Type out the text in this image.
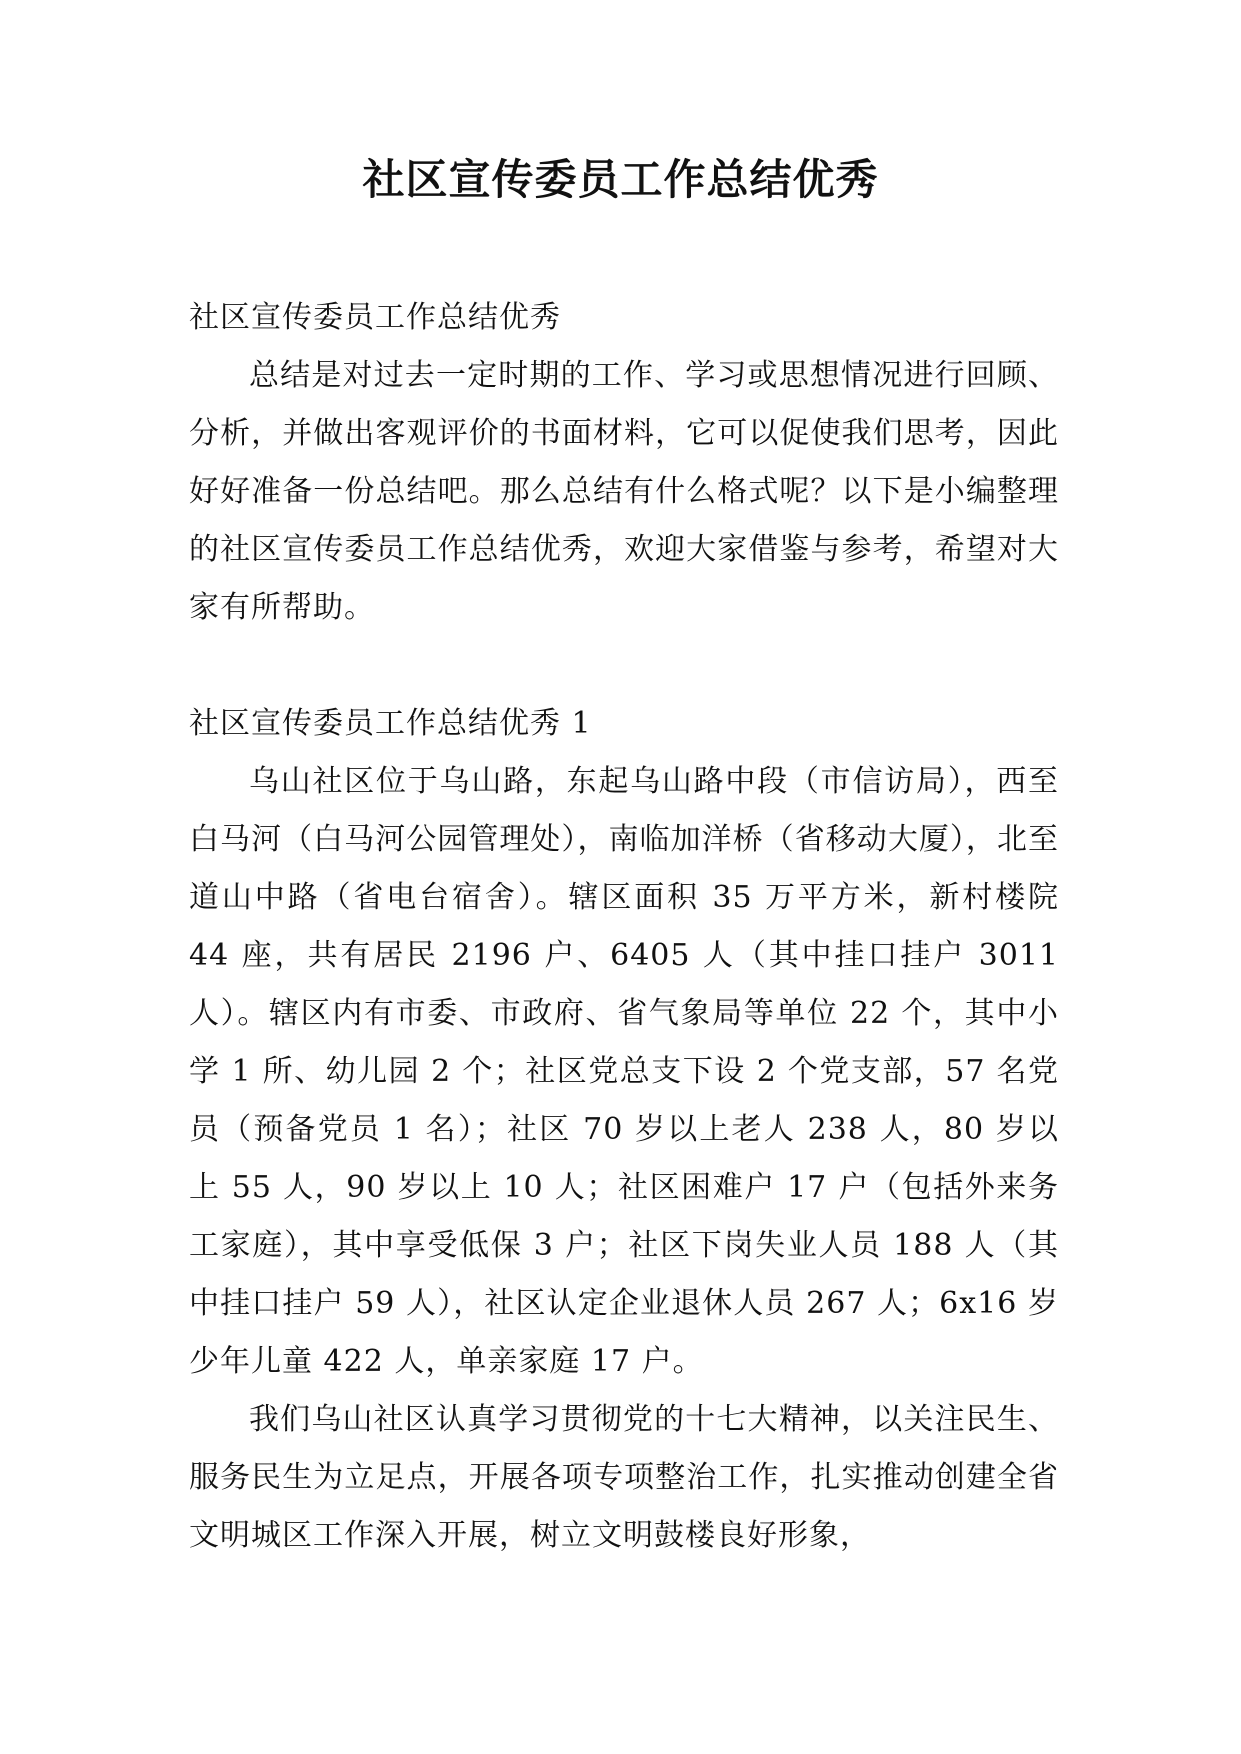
社区宣传委员工作总结优秀

社区宣传委员工作总结优秀

总结是对过去一定时期的工作、学习或思想情况进行回顾、分析，并做出客观评价的书面材料，它可以促使我们思考，因此好好准备一份总结吧。那么总结有什么格式呢？以下是小编整理的社区宣传委员工作总结优秀，欢迎大家借鉴与参考，希望对大家有所帮助。

社区宣传委员工作总结优秀 1

乌山社区位于乌山路，东起乌山路中段（市信访局），西至白马河（白马河公园管理处），南临加洋桥（省移动大厦），北至道山中路（省电台宿舍）。辖区面积 35 万平方米，新村楼院 44 座，共有居民 2196 户、6405 人（其中挂口挂户 3011 人）。辖区内有市委、市政府、省气象局等单位 22 个，其中小学 1 所、幼儿园 2 个；社区党总支下设 2 个党支部，57 名党员（预备党员 1 名）；社区 70 岁以上老人 238 人，80 岁以上 55 人，90 岁以上 10 人；社区困难户 17 户（包括外来务工家庭），其中享受低保 3 户；社区下岗失业人员 188 人（其中挂口挂户 59 人），社区认定企业退休人员 267 人；6x16 岁少年儿童 422 人，单亲家庭 17 户。

我们乌山社区认真学习贯彻党的十七大精神，以关注民生、服务民生为立足点，开展各项专项整治工作，扎实推动创建全省文明城区工作深入开展，树立文明鼓楼良好形象，
